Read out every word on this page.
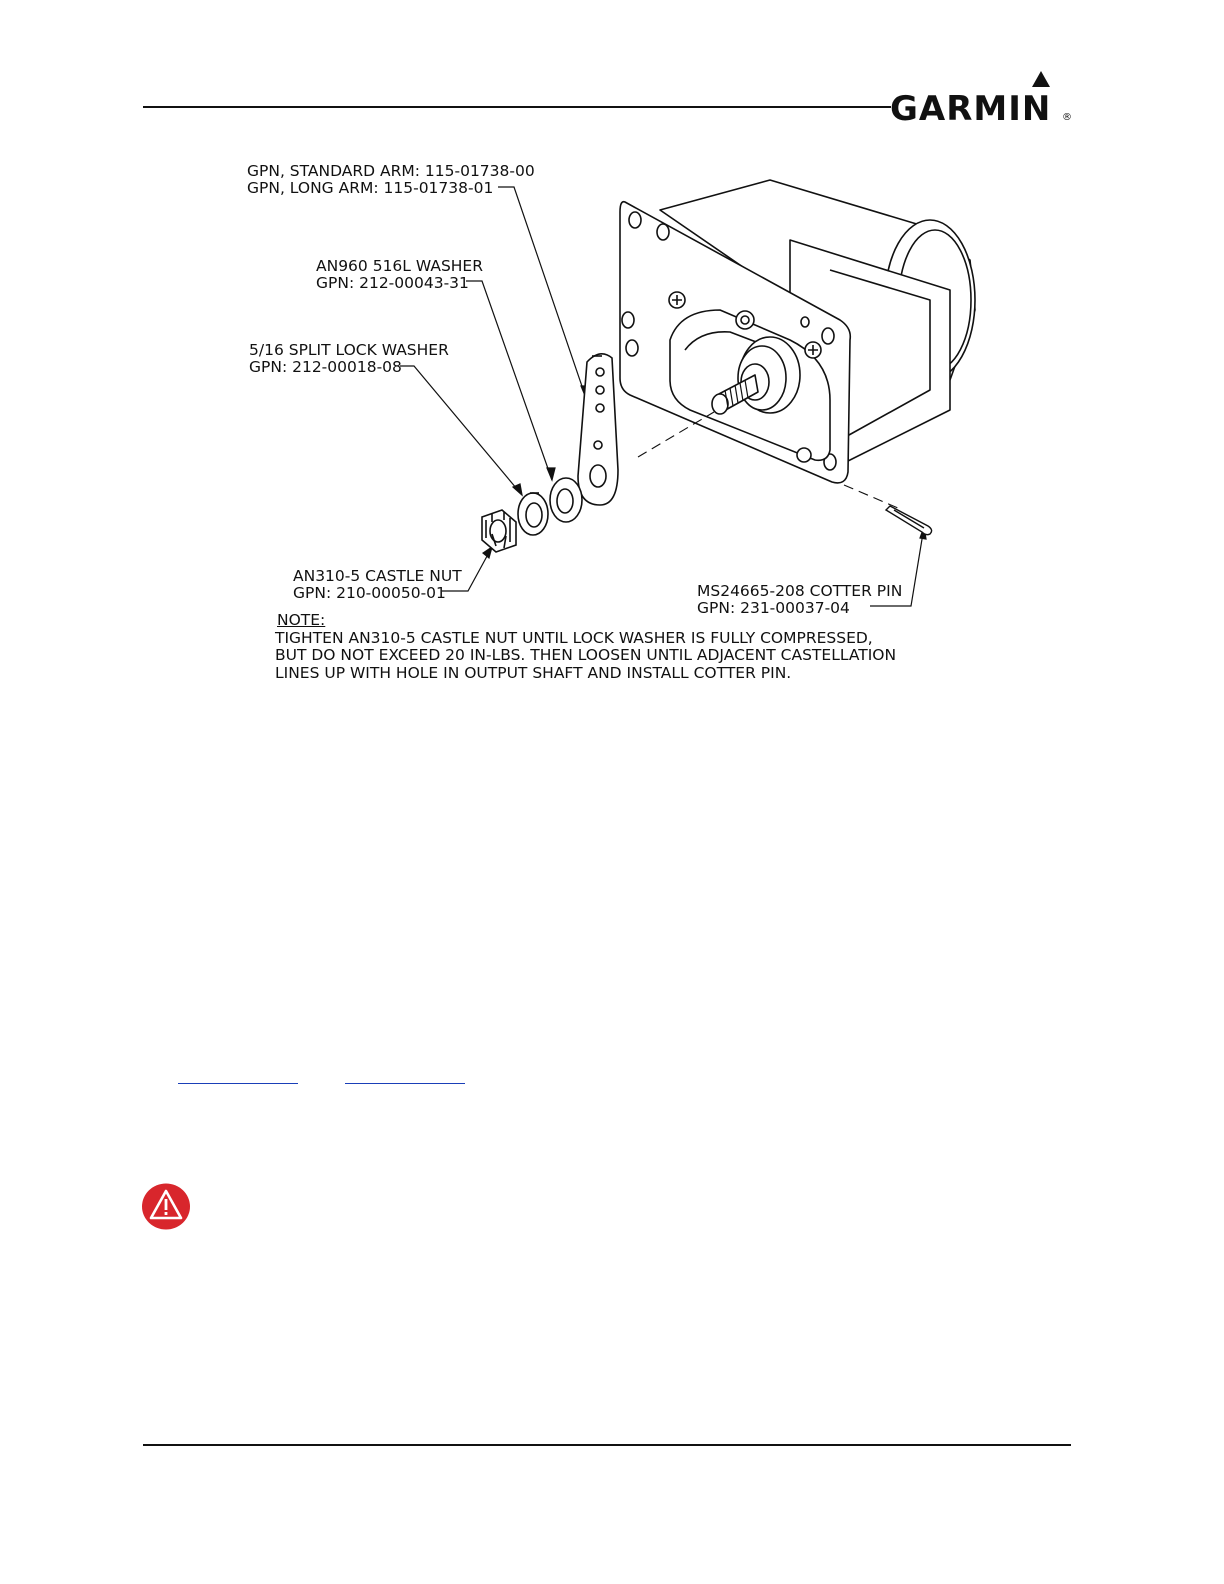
GARMIN ®
GPN, STANDARD ARM: 115-01738-00
GPN, LONG ARM: 115-01738-01
AN960 516L WASHER
GPN: 212-00043-31
5/16 SPLIT LOCK WASHER
GPN: 212-00018-08
AN310-5 CASTLE NUT
GPN: 210-00050-01	MS24665-208 COTTER PIN
GPN: 231-00037-04
NOTE:
TIGHTEN AN310-5 CASTLE NUT UNTIL LOCK WASHER IS FULLY COMPRESSED,
BUT DO NOT EXCEED 20 IN-LBS. THEN LOOSEN UNTIL ADJACENT CASTELLATION
LINES UP WITH HOLE IN OUTPUT SHAFT AND INSTALL COTTER PIN.
